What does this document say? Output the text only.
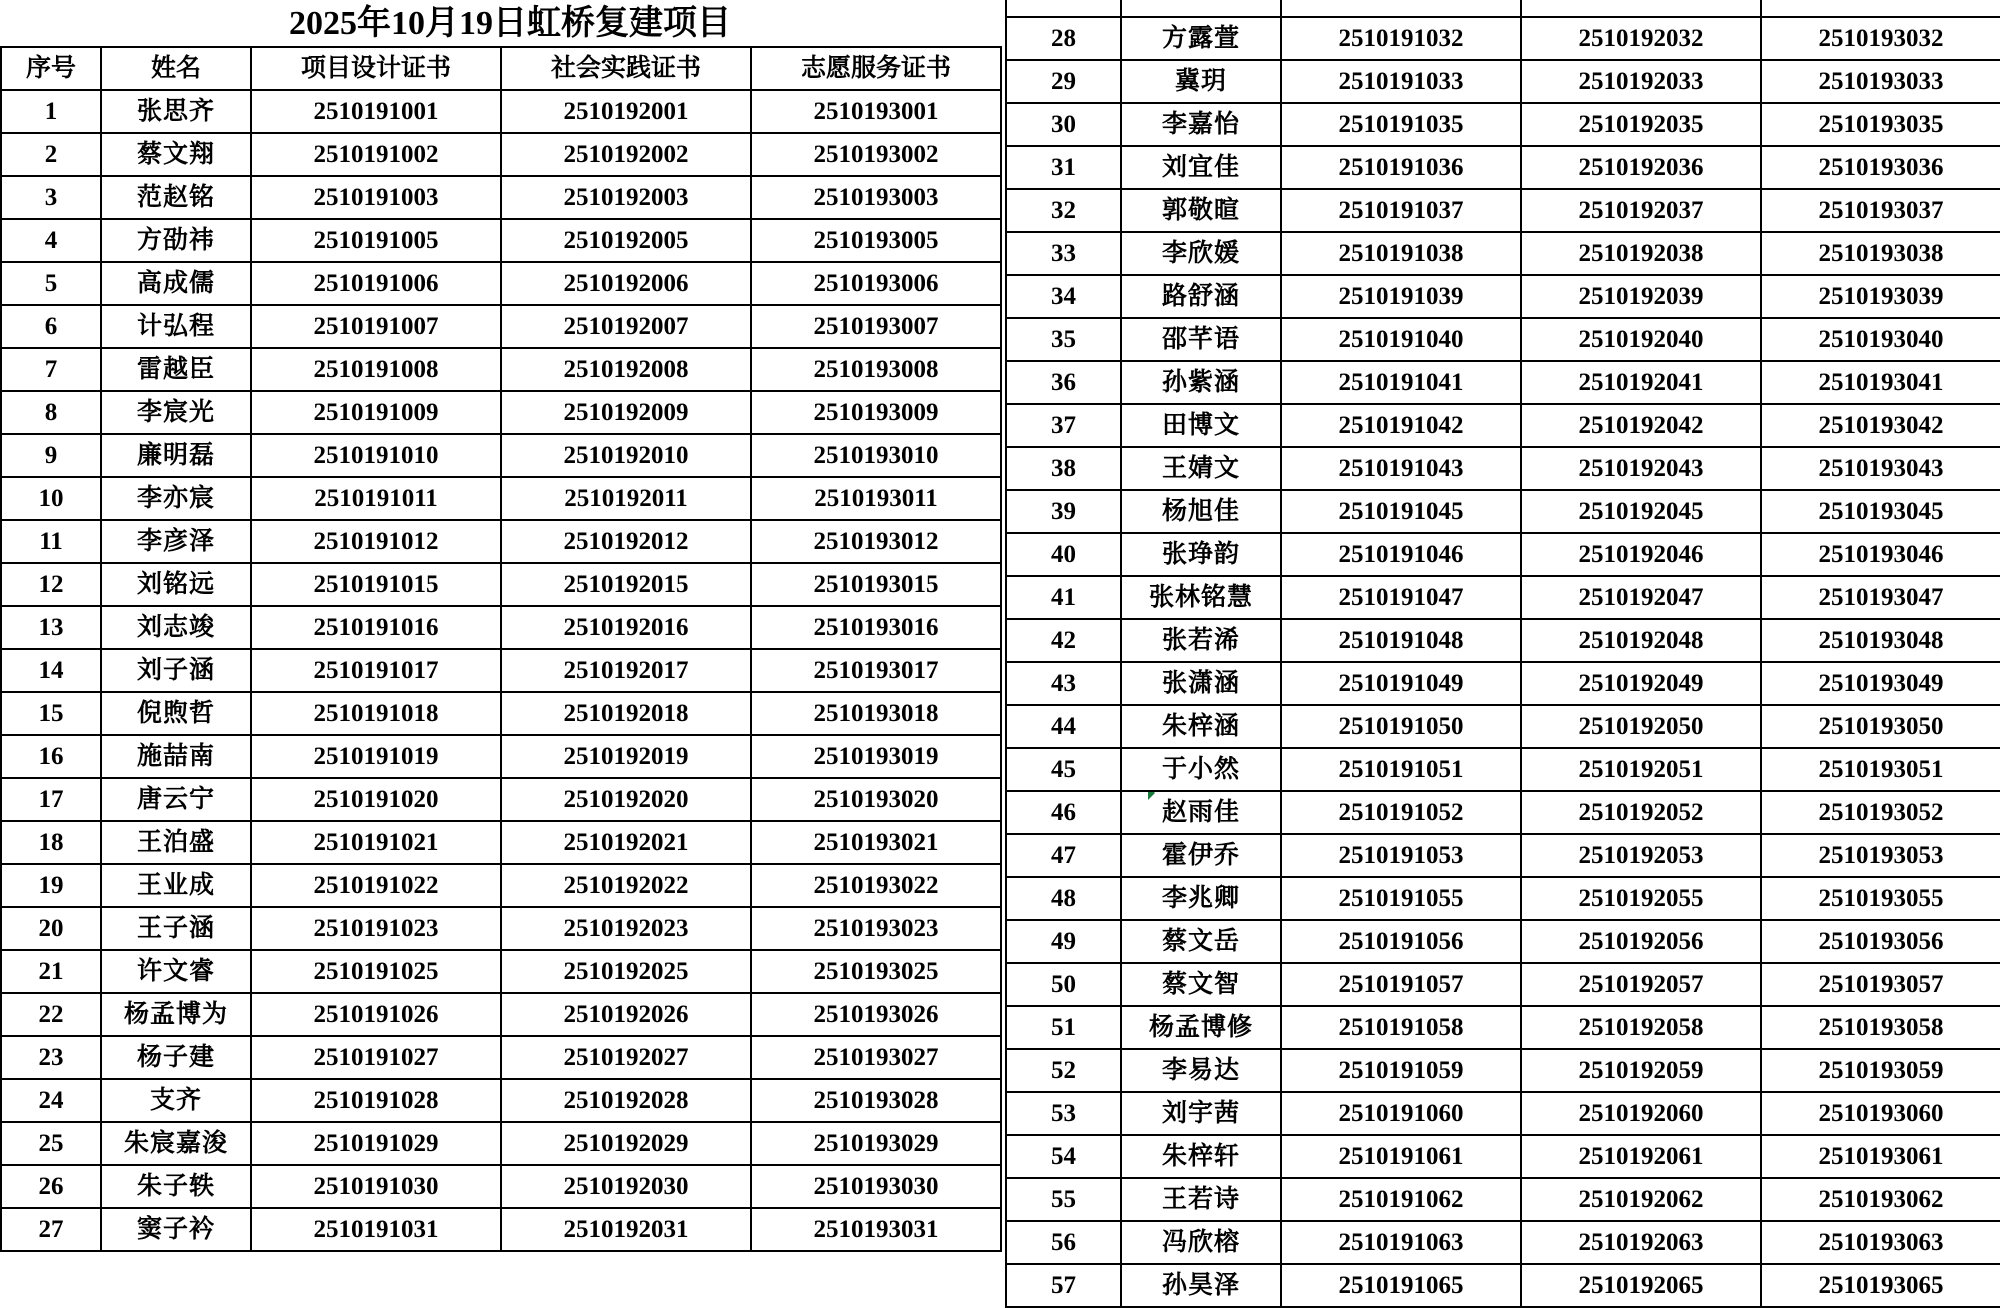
2025年10月19日虹桥复建项目
序号	姓名	项目设计证书	社会实践证书	志愿服务证书
1	张思齐	2510191001	2510192001	2510193001
2	蔡文翔	2510191002	2510192002	2510193002
3	范赵铭	2510191003	2510192003	2510193003
4	方劭祎	2510191005	2510192005	2510193005
5	高成儒	2510191006	2510192006	2510193006
6	计弘程	2510191007	2510192007	2510193007
7	雷越臣	2510191008	2510192008	2510193008
8	李宸光	2510191009	2510192009	2510193009
9	廉明磊	2510191010	2510192010	2510193010
10	李亦宸	2510191011	2510192011	2510193011
11	李彦泽	2510191012	2510192012	2510193012
12	刘铭远	2510191015	2510192015	2510193015
13	刘志竣	2510191016	2510192016	2510193016
14	刘子涵	2510191017	2510192017	2510193017
15	倪煦哲	2510191018	2510192018	2510193018
16	施喆南	2510191019	2510192019	2510193019
17	唐云宁	2510191020	2510192020	2510193020
18	王泊盛	2510191021	2510192021	2510193021
19	王业成	2510191022	2510192022	2510193022
20	王子涵	2510191023	2510192023	2510193023
21	许文睿	2510191025	2510192025	2510193025
22	杨孟博为	2510191026	2510192026	2510193026
23	杨子建	2510191027	2510192027	2510193027
24	支齐	2510191028	2510192028	2510193028
25	朱宸嘉浚	2510191029	2510192029	2510193029
26	朱子轶	2510191030	2510192030	2510193030
27	窦子衿	2510191031	2510192031	2510193031

28	方露萱	2510191032	2510192032	2510193032
29	冀玥	2510191033	2510192033	2510193033
30	李嘉怡	2510191035	2510192035	2510193035
31	刘宜佳	2510191036	2510192036	2510193036
32	郭敬暄	2510191037	2510192037	2510193037
33	李欣媛	2510191038	2510192038	2510193038
34	路舒涵	2510191039	2510192039	2510193039
35	邵芊语	2510191040	2510192040	2510193040
36	孙紫涵	2510191041	2510192041	2510193041
37	田博文	2510191042	2510192042	2510193042
38	王婧文	2510191043	2510192043	2510193043
39	杨旭佳	2510191045	2510192045	2510193045
40	张琤韵	2510191046	2510192046	2510193046
41	张林铭慧	2510191047	2510192047	2510193047
42	张若浠	2510191048	2510192048	2510193048
43	张潇涵	2510191049	2510192049	2510193049
44	朱梓涵	2510191050	2510192050	2510193050
45	于小然	2510191051	2510192051	2510193051
46	赵雨佳	2510191052	2510192052	2510193052
47	霍伊乔	2510191053	2510192053	2510193053
48	李兆卿	2510191055	2510192055	2510193055
49	蔡文岳	2510191056	2510192056	2510193056
50	蔡文智	2510191057	2510192057	2510193057
51	杨孟博修	2510191058	2510192058	2510193058
52	李易达	2510191059	2510192059	2510193059
53	刘宇茜	2510191060	2510192060	2510193060
54	朱梓轩	2510191061	2510192061	2510193061
55	王若诗	2510191062	2510192062	2510193062
56	冯欣榕	2510191063	2510192063	2510193063
57	孙昊泽	2510191065	2510192065	2510193065
